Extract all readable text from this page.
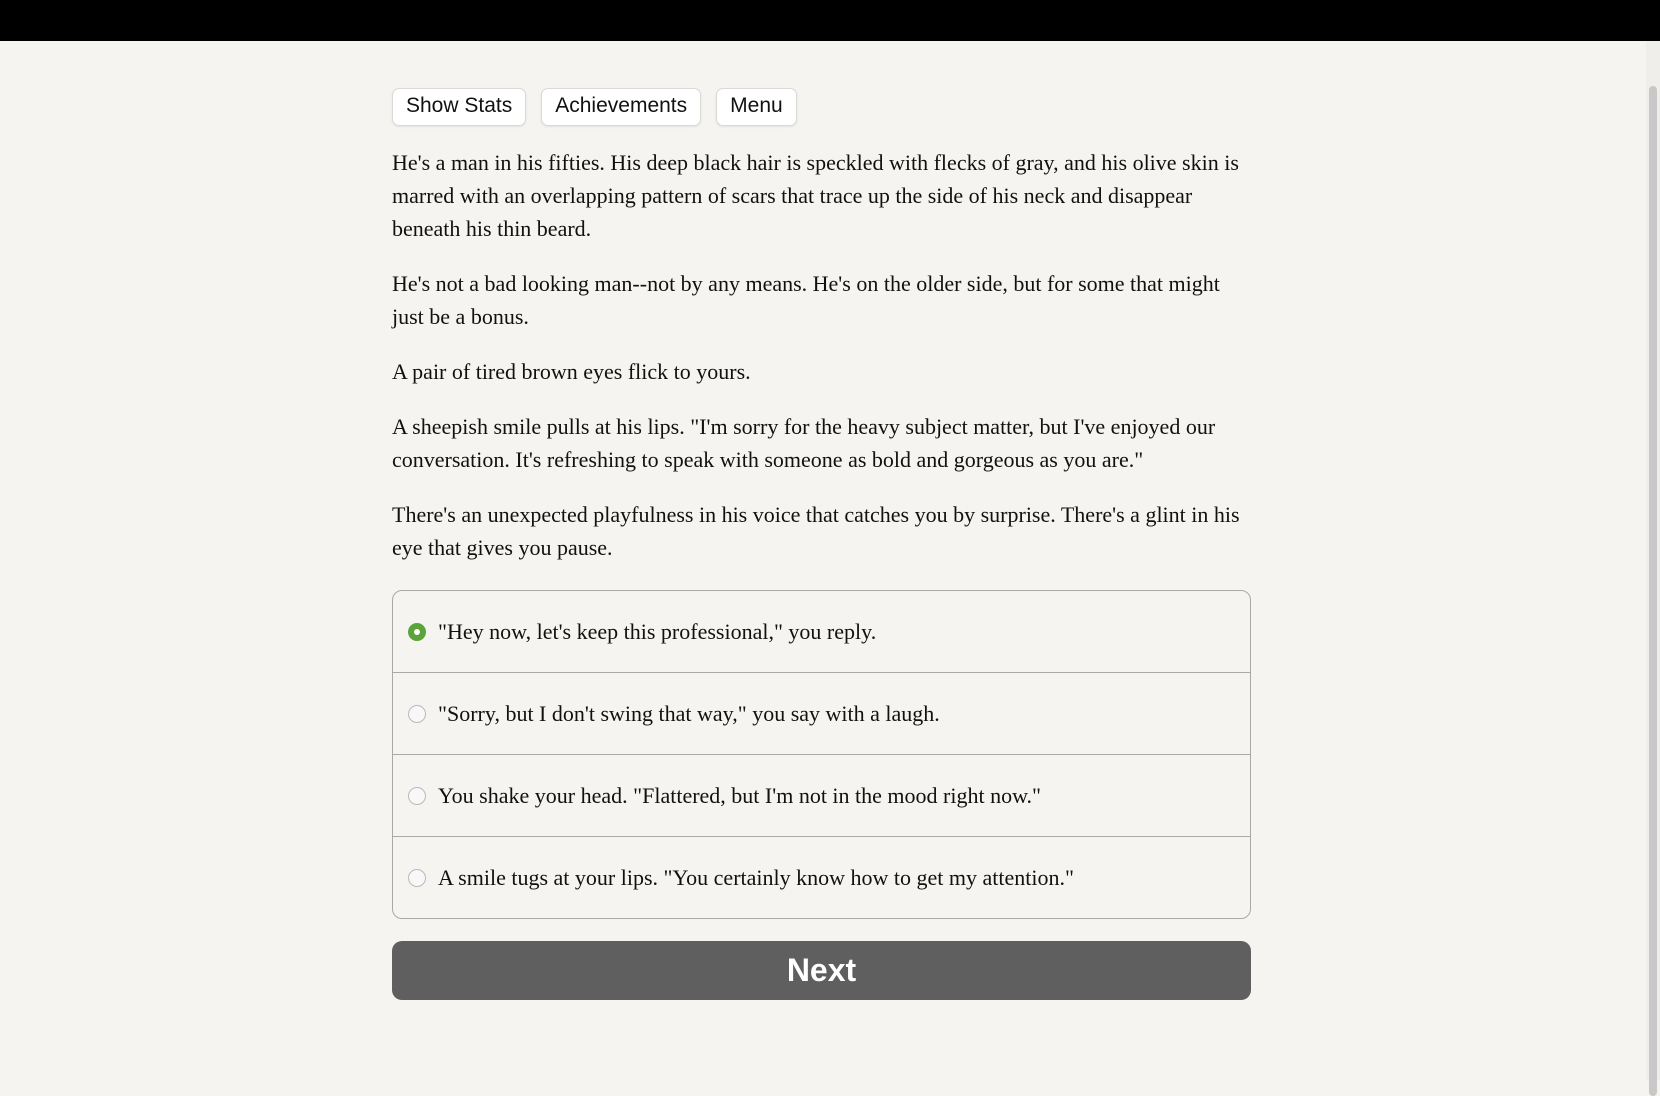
Show Stats	Achievements	Menu

He's a man in his fifties. His deep black hair is speckled with flecks of gray, and his olive skin is marred with an overlapping pattern of scars that trace up the side of his neck and disappear beneath his thin beard.

He's not a bad looking man--not by any means. He's on the older side, but for some that might just be a bonus.

A pair of tired brown eyes flick to yours.

A sheepish smile pulls at his lips. "I'm sorry for the heavy subject matter, but I've enjoyed our conversation. It's refreshing to speak with someone as bold and gorgeous as you are."

There's an unexpected playfulness in his voice that catches you by surprise. There's a glint in his eye that gives you pause.

"Hey now, let's keep this professional," you reply.
"Sorry, but I don't swing that way," you say with a laugh.
You shake your head. "Flattered, but I'm not in the mood right now."
A smile tugs at your lips. "You certainly know how to get my attention."
Next
